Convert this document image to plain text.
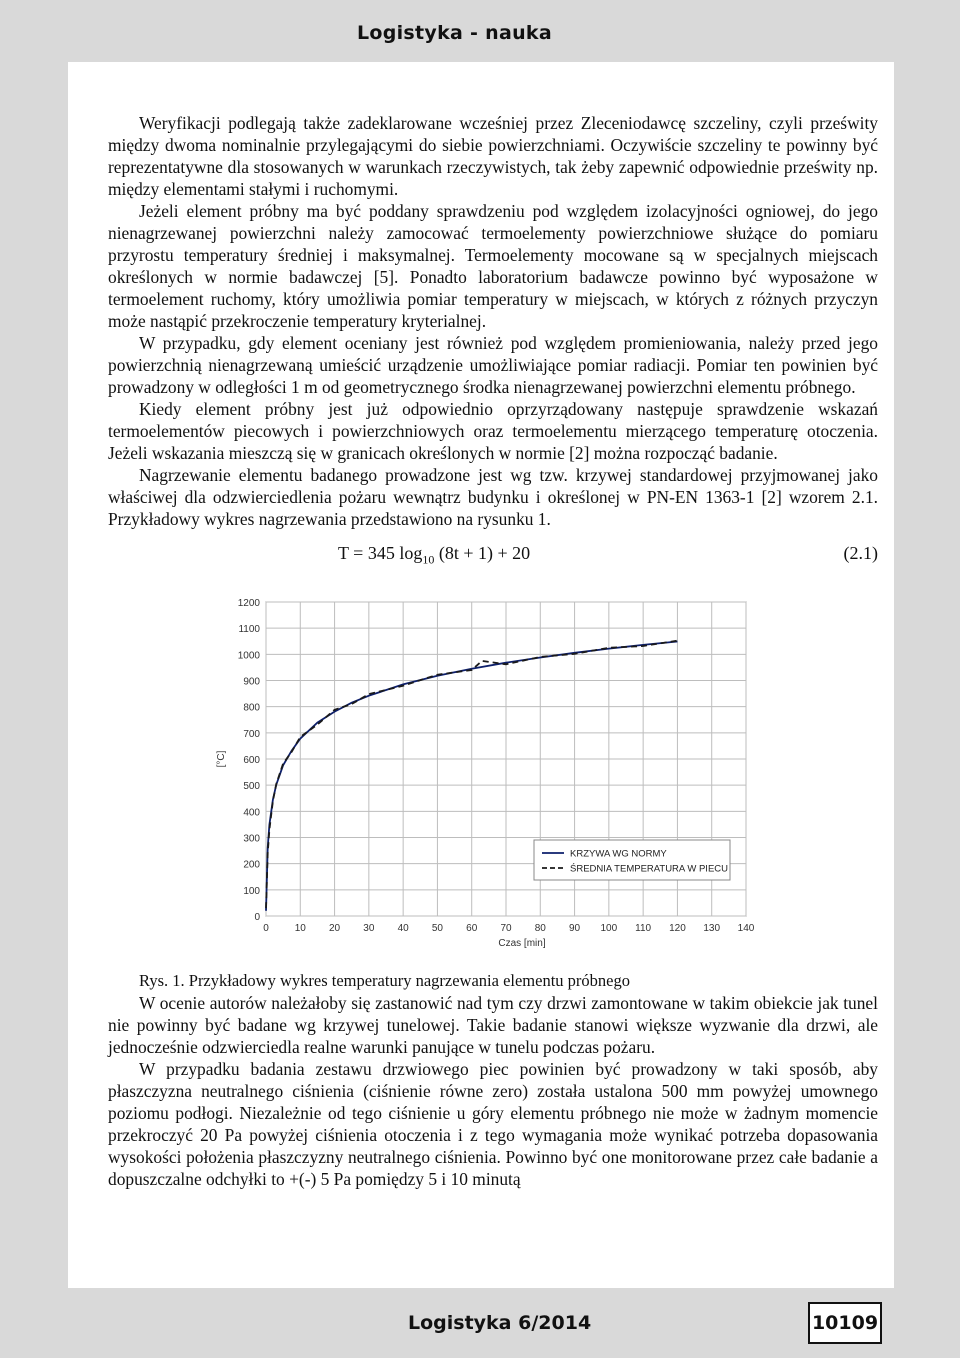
Logistyka - nauka

Weryfikacji podlegają także zadeklarowane wcześniej przez Zleceniodawcę szczeliny, czyli prześwity między dwoma nominalnie przylegającymi do siebie powierzchniami. Oczywiście szczeliny te powinny być reprezentatywne dla stosowanych w warunkach rzeczywistych, tak żeby zapewnić odpowiednie prześwity np. między elementami stałymi i ruchomymi.

Jeżeli element próbny ma być poddany sprawdzeniu pod względem izolacyjności ogniowej, do jego nienagrzewanej powierzchni należy zamocować termoelementy powierzchniowe służące do pomiaru przyrostu temperatury średniej i maksymalnej. Termoelementy mocowane są w specjalnych miejscach określonych w normie badawczej [5]. Ponadto laboratorium badawcze powinno być wyposażone w termoelement ruchomy, który umożliwia pomiar temperatury w miejscach, w których z różnych przyczyn może nastąpić przekroczenie temperatury kryterialnej.

W przypadku, gdy element oceniany jest również pod względem promieniowania, należy przed jego powierzchnią nienagrzewaną umieścić urządzenie umożliwiające pomiar radiacji. Pomiar ten powinien być prowadzony w odległości 1 m od geometrycznego środka nienagrzewanej powierzchni elementu próbnego.

Kiedy element próbny jest już odpowiednio oprzyrządowany następuje sprawdzenie wskazań termoelementów piecowych i powierzchniowych oraz termoelementu mierzącego temperaturę otoczenia. Jeżeli wskazania mieszczą się w granicach określonych w normie [2] można rozpocząć badanie.

Nagrzewanie elementu badanego prowadzone jest wg tzw. krzywej standardowej przyjmowanej jako właściwej dla odzwierciedlenia pożaru wewnątrz budynku i określonej w PN-EN 1363-1 [2] wzorem 2.1. Przykładowy wykres nagrzewania przedstawiono na rysunku 1.

T = 345 $\log_{10} (8t + 1) + 20$	(2.1)
0
100
200
300
400
500
600
700
800
900
1000
1100
1200
0	10 20 30 40 50 60 70 80 90 100 110 120 130 140
Czas [min]
[°C]
KRZYWA WG NORMY
ŚREDNIA TEMPERATURA W PIECU

Rys. 1. Przykładowy wykres temperatury nagrzewania elementu próbnego

W ocenie autorów należałoby się zastanowić nad tym czy drzwi zamontowane w takim obiekcie jak tunel nie powinny być badane wg krzywej tunelowej. Takie badanie stanowi większe wyzwanie dla drzwi, ale jednocześnie odzwierciedla realne warunki panujące w tunelu podczas pożaru.

W przypadku badania zestawu drzwiowego piec powinien być prowadzony w taki sposób, aby płaszczyzna neutralnego ciśnienia (ciśnienie równe zero) została ustalona 500 mm powyżej umownego poziomu podłogi. Niezależnie od tego ciśnienie u góry elementu próbnego nie może w żadnym momencie przekroczyć 20 Pa powyżej ciśnienia otoczenia i z tego wymagania może wynikać potrzeba dopasowania wysokości położenia płaszczyzny neutralnego ciśnienia. Powinno być one monitorowane przez całe badanie a dopuszczalne odchyłki to +(-) 5 Pa pomiędzy 5 i 10 minutą

Logistyka 6/2014	10109
